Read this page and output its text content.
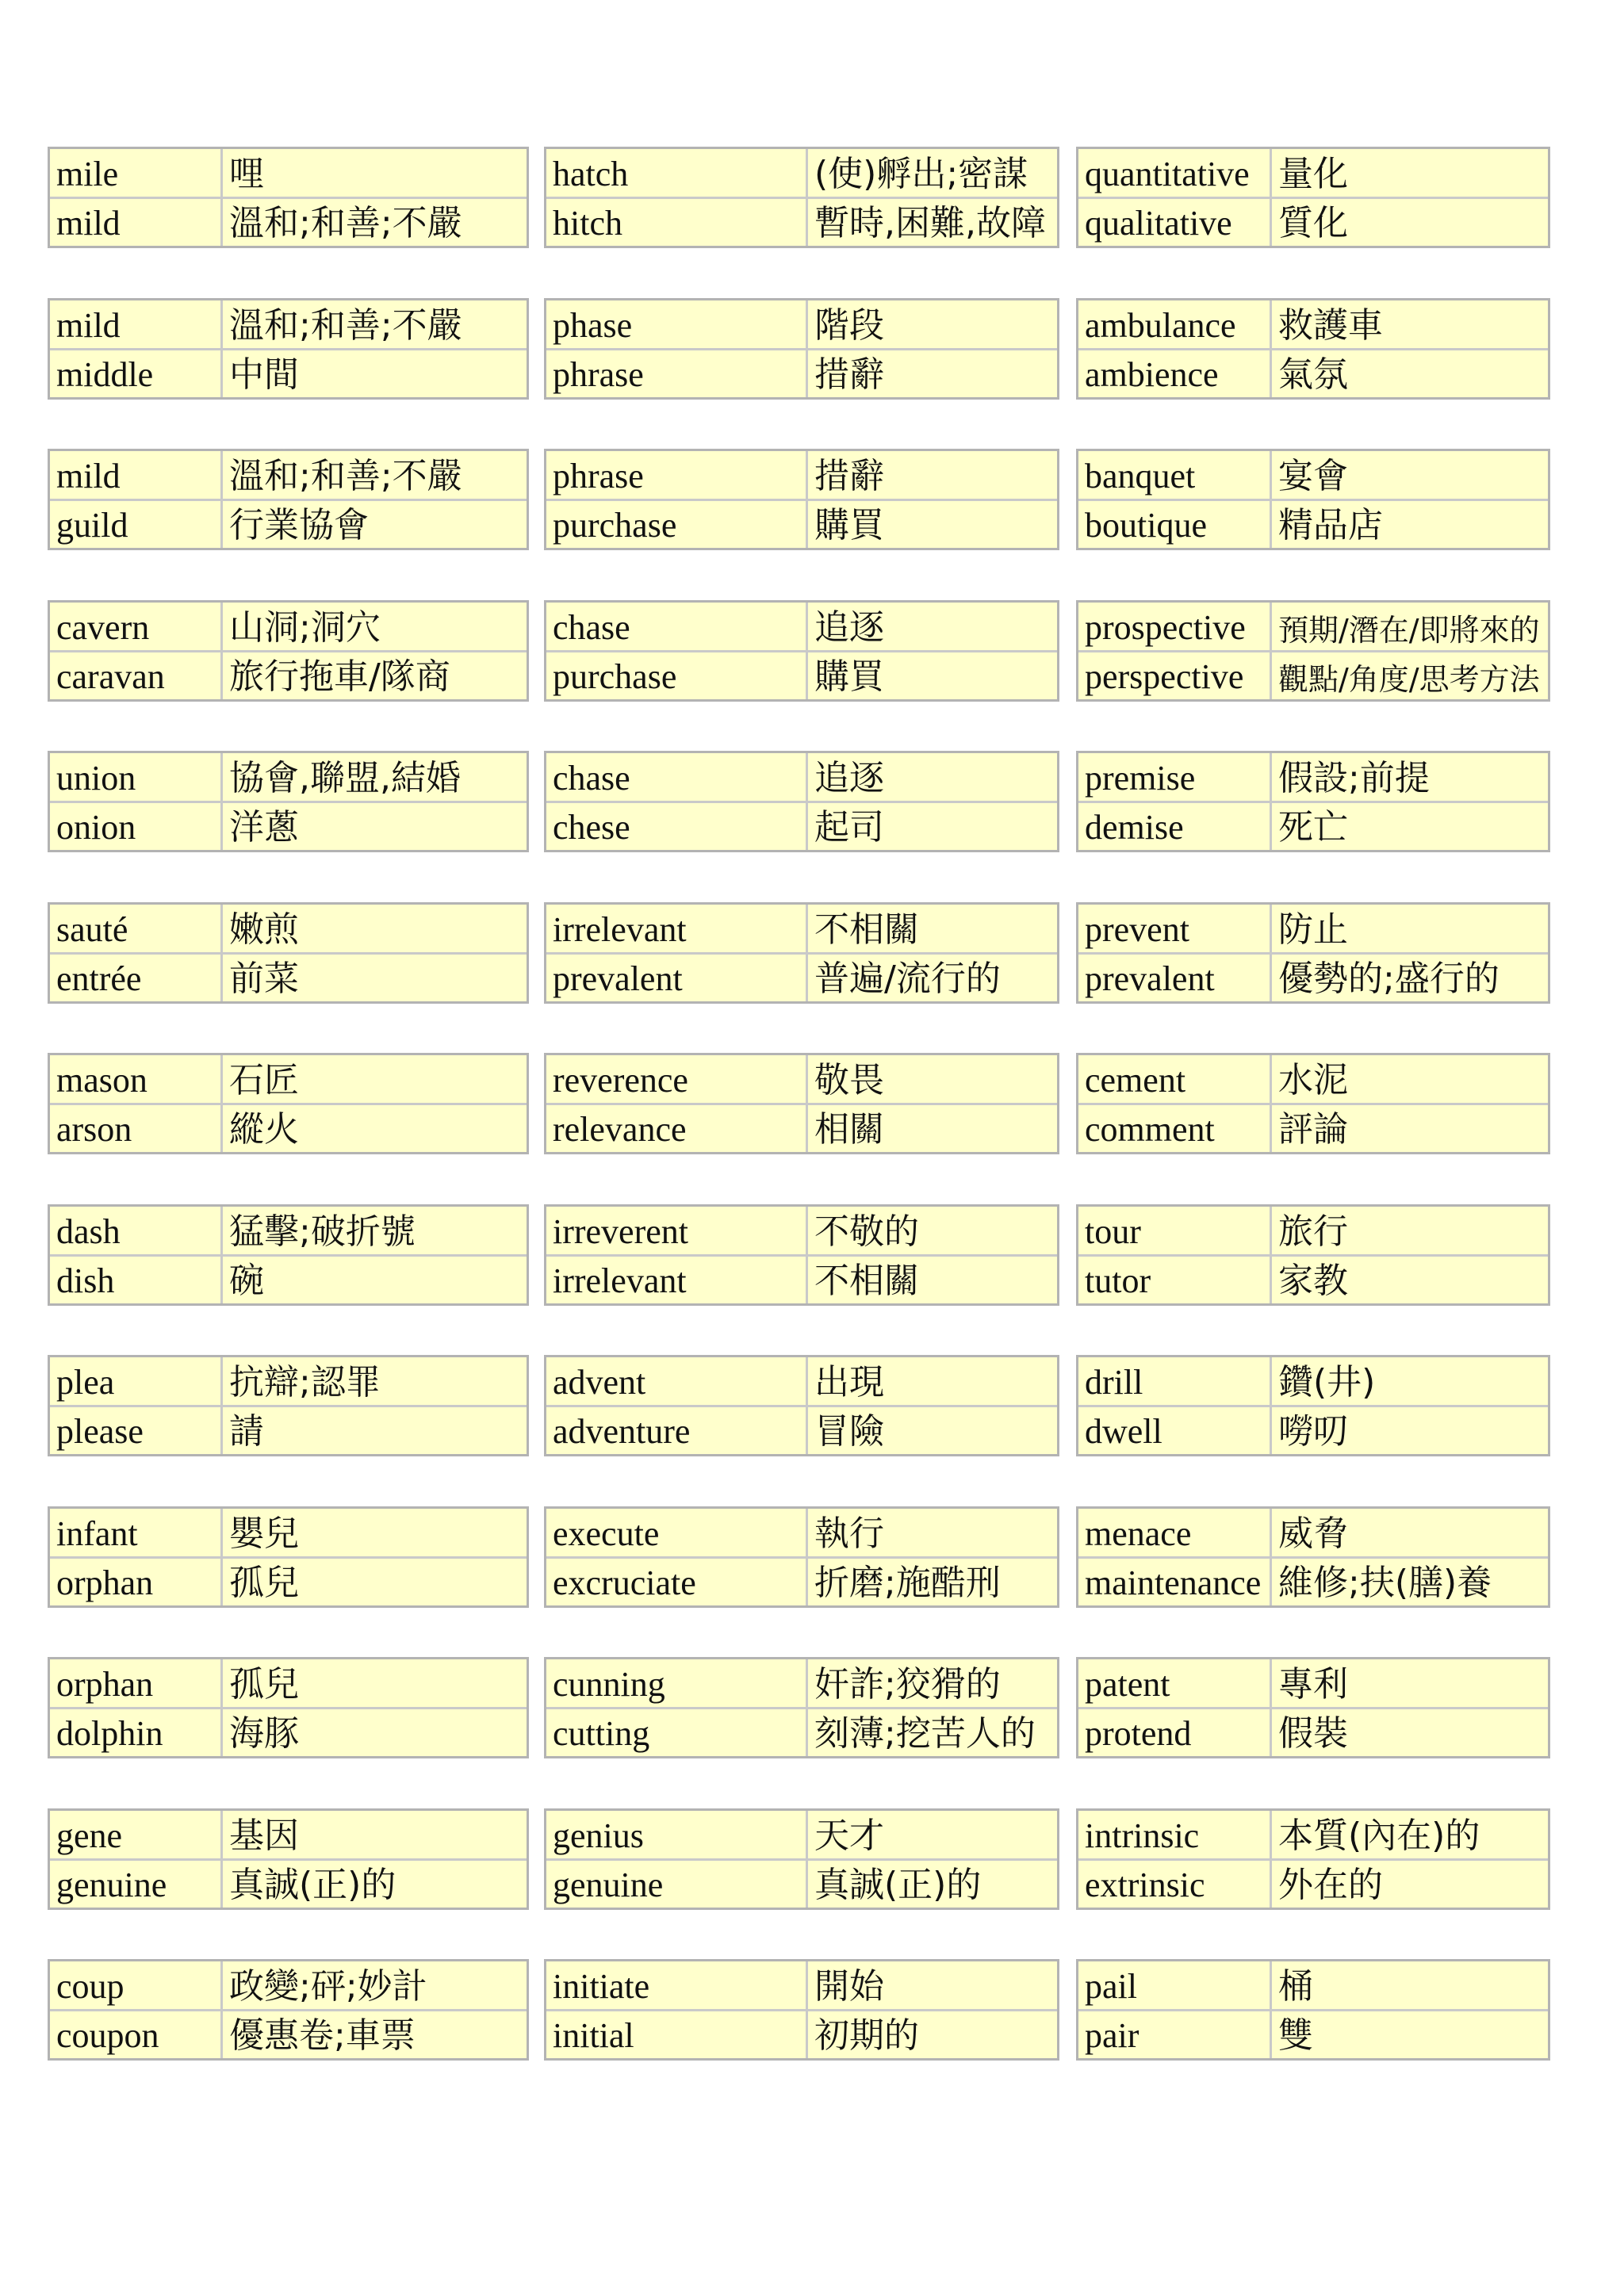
mile	哩
mild	溫和;和善;不嚴
hatch	(使)孵出;密謀
hitch	暫時,困難,故障
quantitative 量化
qualitative	質化
mild	溫和;和善;不嚴
middle	中間
phase	階段
phrase	措辭
ambulance	救護車
ambience	氣氛
mild	溫和;和善;不嚴
guild	行業協會
phrase	措辭
purchase	購買
banquet	宴會
boutique	精品店
cavern	山洞;洞穴
caravan	旅行拖車/隊商
chase	追逐
purchase	購買
prospective	預期/潛在/即將來的
perspective	觀點/角度/思考方法
union	協會,聯盟,結婚
onion	洋蔥
chase	追逐
chese	起司
premise	假設;前提
demise	死亡
sauté	嫩煎
entrée	前菜
irrelevant	不相關
prevalent	普遍/流行的
prevent	防止
prevalent	優勢的;盛行的
mason	石匠
arson	縱火
reverence	敬畏
relevance	相關
cement	水泥
comment	評論
dash	猛擊;破折號
dish	碗
irreverent	不敬的
irrelevant	不相關
tour	旅行
tutor	家教
plea	抗辯;認罪
please	請
advent	出現
adventure	冒險
drill	鑽(井)
dwell	嘮叨
infant	嬰兒
orphan	孤兒
execute	執行
excruciate	折磨;施酷刑
menace	威脅
maintenance 維修;扶(膳)養
orphan	孤兒
dolphin	海豚
cunning	奸詐;狡猾的
cutting	刻薄;挖苦人的
patent	專利
protend	假裝
gene	基因
genuine	真誠(正)的
genius	天才
genuine	真誠(正)的
intrinsic	本質(內在)的
extrinsic	外在的
coup	政變;砰;妙計
coupon	優惠卷;車票
initiate	開始
initial	初期的
pail	桶
pair	雙
